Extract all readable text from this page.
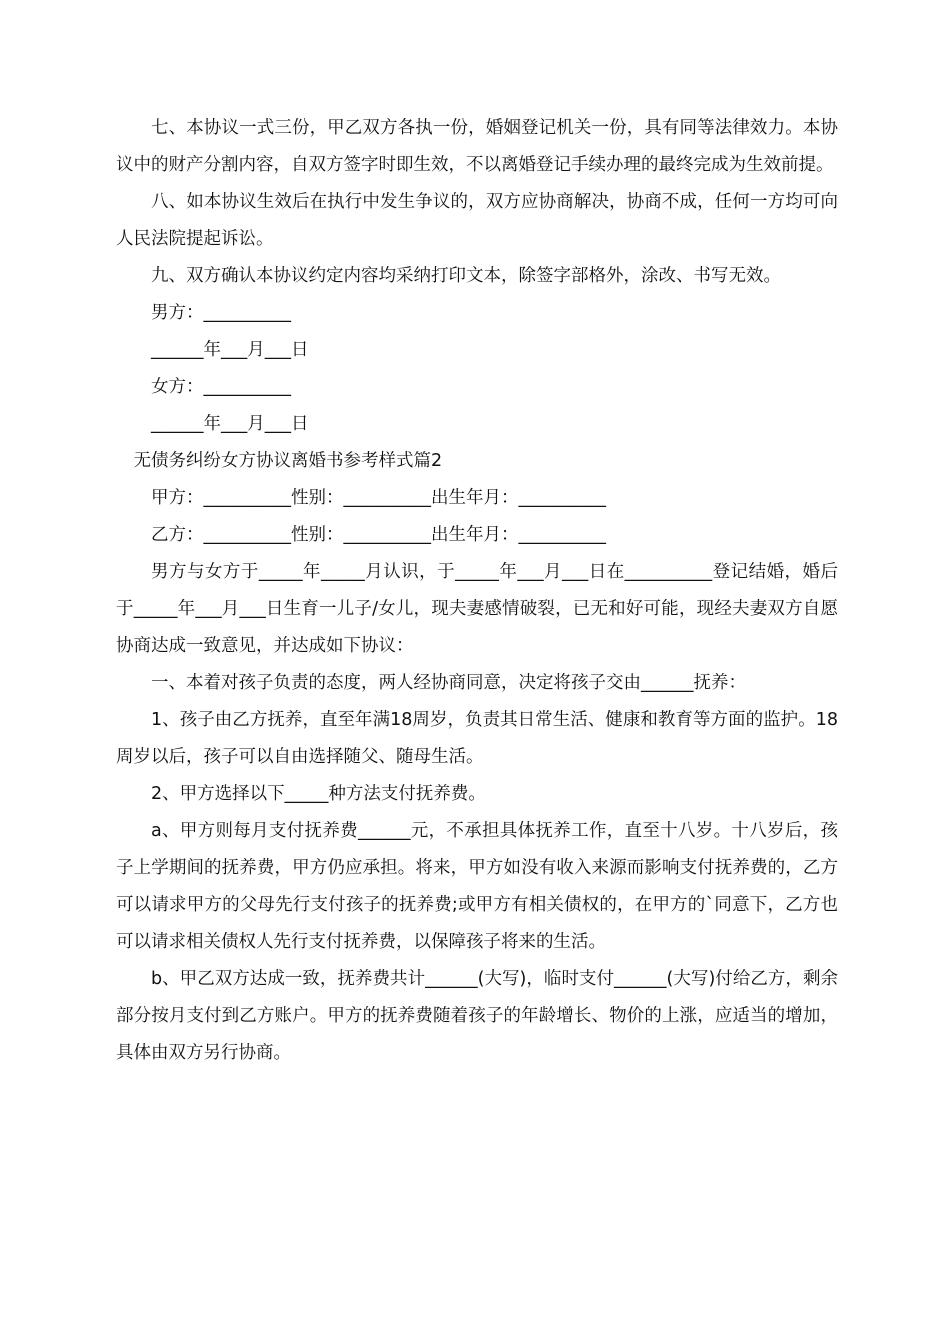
七、本协议一式三份，甲乙双方各执一份，婚姻登记机关一份，具有同等法律效力。本协议中的财产分割内容，自双方签字时即生效，不以离婚登记手续办理的最终完成为生效前提。

八、如本协议生效后在执行中发生争议的，双方应协商解决，协商不成，任何一方均可向人民法院提起诉讼。

九、双方确认本协议约定内容均采纳打印文本，除签字部格外，涂改、书写无效。

男方：__________

______年___月___日

女方：__________

______年___月___日

无债务纠纷女方协议离婚书参考样式篇2

甲方：__________性别：__________出生年月：__________

乙方：__________性别：__________出生年月：__________

男方与女方于_____年_____月认识，于_____年___月___日在__________登记结婚，婚后于_____年___月___日生育一儿子/女儿，现夫妻感情破裂，已无和好可能，现经夫妻双方自愿协商达成一致意见，并达成如下协议：

一、本着对孩子负责的态度，两人经协商同意，决定将孩子交由______抚养：

1、孩子由乙方抚养，直至年满18周岁，负责其日常生活、健康和教育等方面的监护。18周岁以后，孩子可以自由选择随父、随母生活。

2、甲方选择以下_____种方法支付抚养费。

a、甲方则每月支付抚养费______元，不承担具体抚养工作，直至十八岁。十八岁后，孩子上学期间的抚养费，甲方仍应承担。将来，甲方如没有收入来源而影响支付抚养费的，乙方可以请求甲方的父母先行支付孩子的抚养费;或甲方有相关债权的，在甲方的`同意下，乙方也可以请求相关债权人先行支付抚养费，以保障孩子将来的生活。

b、甲乙双方达成一致，抚养费共计______(大写)，临时支付______(大写)付给乙方，剩余部分按月支付到乙方账户。甲方的抚养费随着孩子的年龄增长、物价的上涨，应适当的增加，具体由双方另行协商。
